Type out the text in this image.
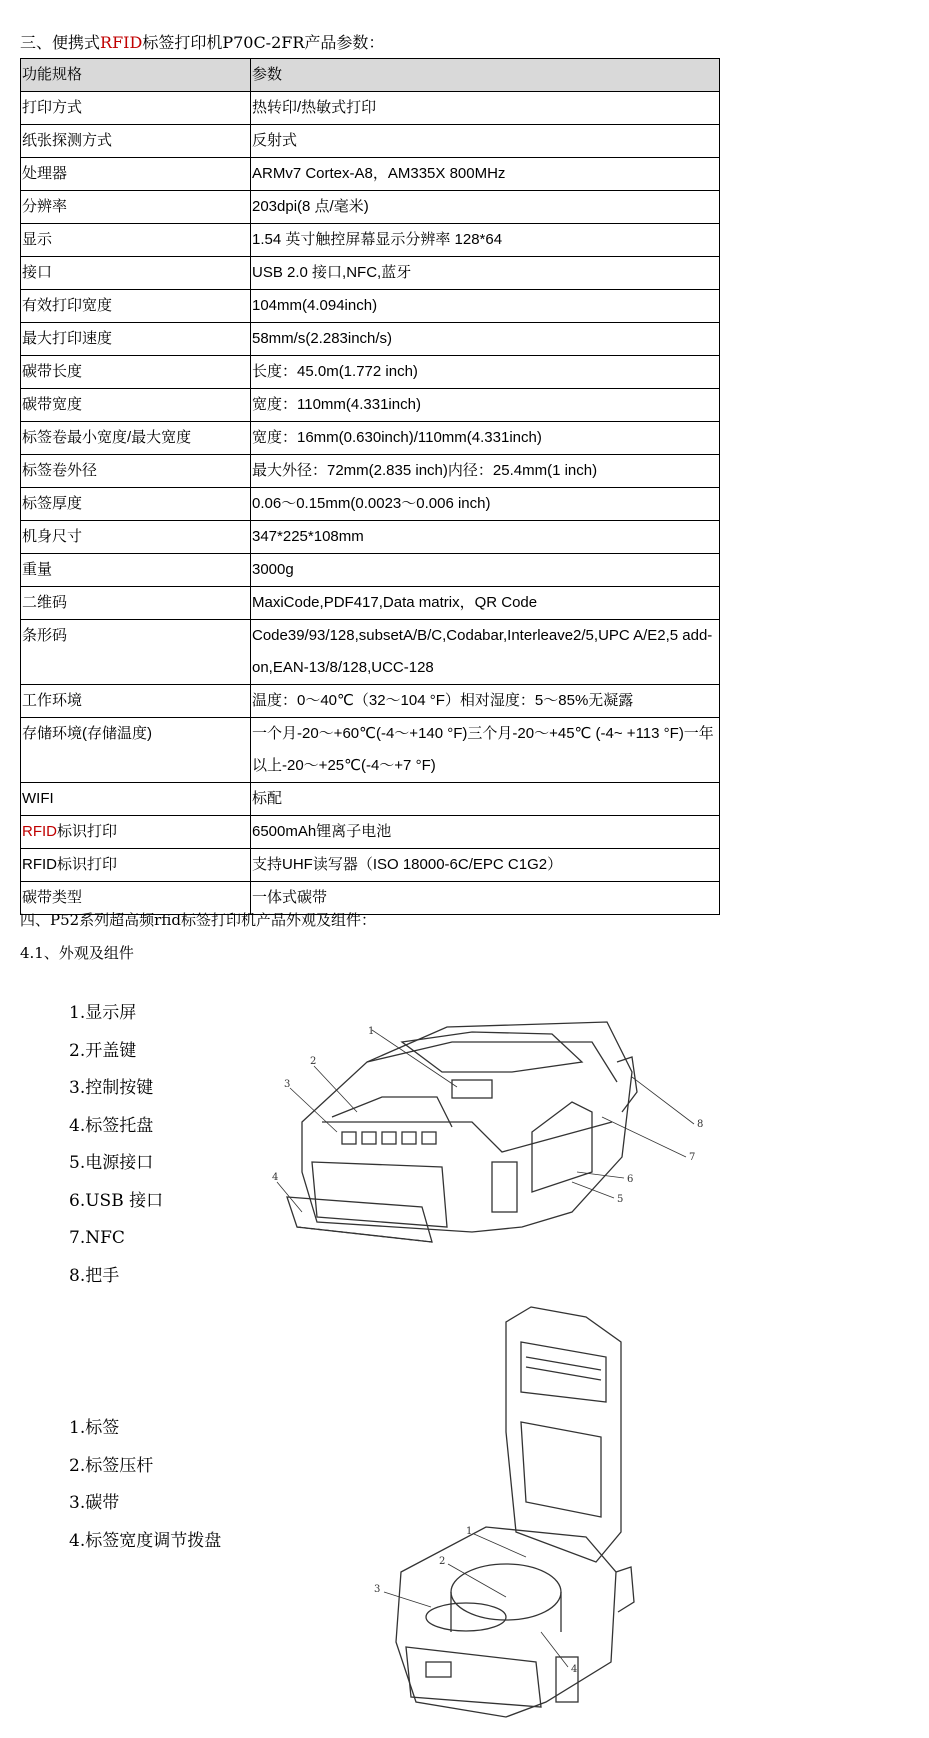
三、便携式RFID标签打印机P70C-2FR产品参数：
功能规格	参数
打印方式	热转印/热敏式打印
纸张探测方式	反射式
处理器	ARMv7 Cortex-A8，AM335X 800MHz
分辨率	203dpi(8 点/毫米)
显示	1.54 英寸触控屏幕显示分辨率 128*64
接口	USB 2.0 接口,NFC,蓝牙
有效打印宽度	104mm(4.094inch)
最大打印速度	58mm/s(2.283inch/s)
碳带长度	长度：45.0m(1.772 inch)
碳带宽度	宽度：110mm(4.331inch)
标签卷最小宽度/最大宽度	宽度：16mm(0.630inch)/110mm(4.331inch)
标签卷外径	最大外径：72mm(2.835 inch)内径：25.4mm(1 inch)
标签厚度	0.06～0.15mm(0.0023～0.006 inch)
机身尺寸	347*225*108mm
重量	3000g
二维码	MaxiCode,PDF417,Data matrix，QR Code
条形码	Code39/93/128,subsetA/B/C,Codabar,Interleave2/5,UPC A/E2,5 add-on,EAN-13/8/128,UCC-128
工作环境	温度：0～40℃（32～104 °F）相对湿度：5～85%无凝露
存储环境(存储温度)	一个月-20～+60℃(-4～+140 °F)三个月-20～+45℃ (-4~ +113 °F)一年以上-20～+25℃(-4～+7 °F)
WIFI	标配
RFID标识打印	6500mAh锂离子电池
RFID标识打印	支持UHF读写器（ISO 18000-6C/EPC C1G2）
碳带类型	一体式碳带
四、P52系列超高频rfid标签打印机产品外观及组件：
4.1、外观及组件
1.显示屏
2.开盖键
3.控制按键
4.标签托盘
5.电源接口
6.USB 接口
7.NFC
8.把手
1.标签
2.标签压杆
3.碳带
4.标签宽度调节拨盘
1
2
3
4
5
6
7
8
1
2
3
4
